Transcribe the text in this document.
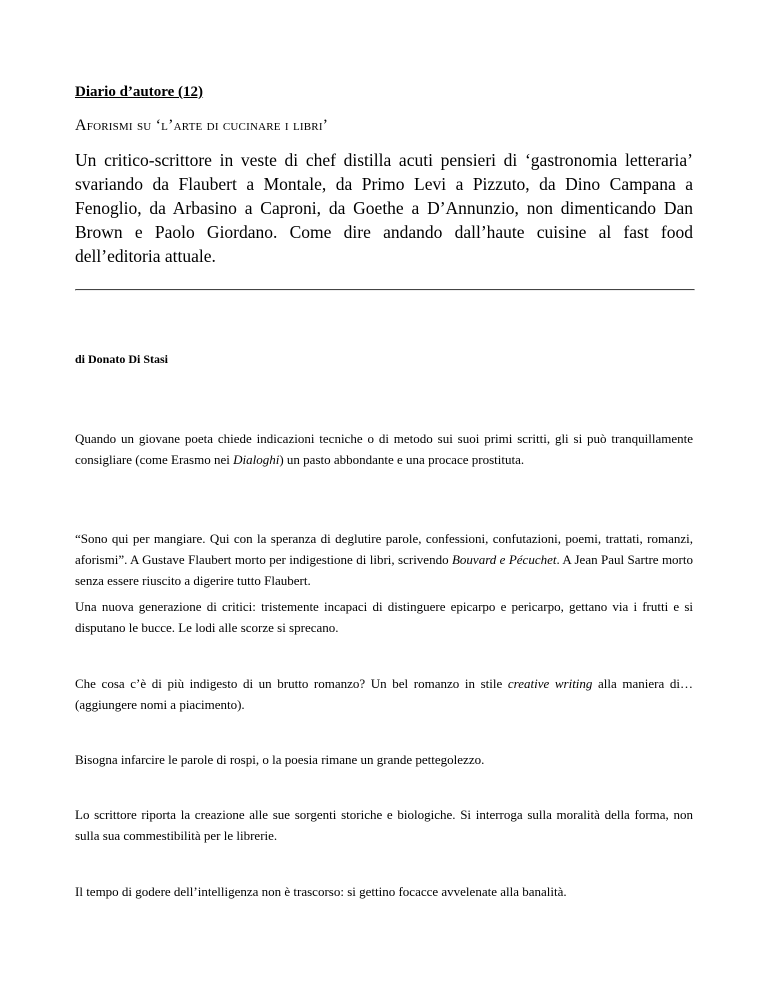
Diario d’autore (12)

Aforismi su ‘l’arte di cucinare i libri’

Un critico-scrittore in veste di chef distilla acuti pensieri di ‘gastronomia letteraria’ svariando da Flaubert a Montale, da Primo Levi a Pizzuto, da Dino Campana a Fenoglio, da Arbasino a Caproni, da Goethe a D’Annunzio, non dimenticando Dan Brown e Paolo Giordano. Come dire andando dall’haute cuisine al fast food dell’editoria attuale.

di Donato Di Stasi

Quando un giovane poeta chiede indicazioni tecniche o di metodo sui suoi primi scritti, gli si può tranquillamente consigliare (come Erasmo nei Dialoghi) un pasto abbondante e una procace prostituta.

“Sono qui per mangiare. Qui con la speranza di deglutire parole, confessioni, confutazioni, poemi, trattati, romanzi, aforismi”. A Gustave Flaubert morto per indigestione di libri, scrivendo Bouvard e Pécuchet. A Jean Paul Sartre morto senza essere riuscito a digerire tutto Flaubert.

Una nuova generazione di critici: tristemente incapaci di distinguere epicarpo e pericarpo, gettano via i frutti e si disputano le bucce. Le lodi alle scorze si sprecano.

Che cosa c’è di più indigesto di un brutto romanzo? Un bel romanzo in stile creative writing alla maniera di… (aggiungere nomi a piacimento).

Bisogna infarcire le parole di rospi, o la poesia rimane un grande pettegolezzo.

Lo scrittore riporta la creazione alle sue sorgenti storiche e biologiche. Si interroga sulla moralità della forma, non sulla sua commestibilità per le librerie.

Il tempo di godere dell’intelligenza non è trascorso: si gettino focacce avvelenate alla banalità.
